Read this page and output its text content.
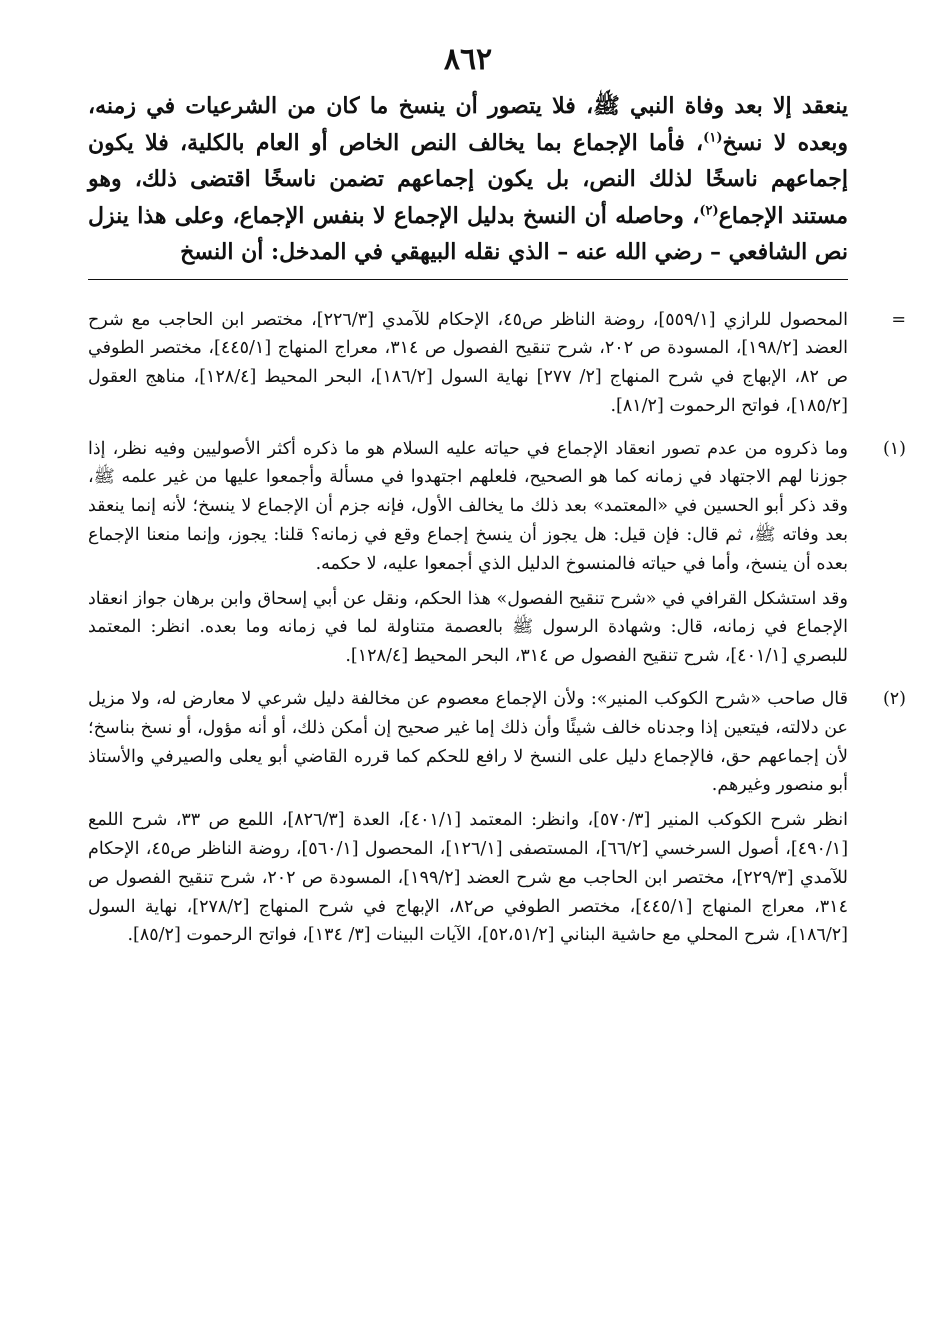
٨٦٢

ينعقد إلا بعد وفاة النبي ﷺ، فلا يتصور أن ينسخ ما كان من الشرعيات في زمنه، وبعده لا نسخ$^{(١)}$، فأما الإجماع بما يخالف النص الخاص أو العام بالكلية، فلا يكون إجماعهم ناسخًا لذلك النص، بل يكون إجماعهم تضمن ناسخًا اقتضى ذلك، وهو مستند الإجماع$^{(٢)}$، وحاصله أن النسخ بدليل الإجماع لا بنفس الإجماع، وعلى هذا ينزل نص الشافعي – رضي الله عنه – الذي نقله البيهقي في المدخل: أن النسخ

=

المحصول للرازي [٥٥٩/١]، روضة الناظر ص٤٥، الإحكام للآمدي [٢٢٦/٣]، مختصر ابن الحاجب مع شرح العضد [١٩٨/٢]، المسودة ص ٢٠٢، شرح تنقيح الفصول ص ٣١٤، معراج المنهاج [٤٤٥/١]، مختصر الطوفي ص ٨٢، الإبهاج في شرح المنهاج [٢/ ٢٧٧] نهاية السول [١٨٦/٢]، البحر المحيط [١٢٨/٤]، مناهج العقول [١٨٥/٢]، فواتح الرحموت [٨١/٢].

(١)

وما ذكروه من عدم تصور انعقاد الإجماع في حياته عليه السلام هو ما ذكره أكثر الأصوليين وفيه نظر، إذا جوزنا لهم الاجتهاد في زمانه كما هو الصحيح، فلعلهم اجتهدوا في مسألة وأجمعوا عليها من غير علمه ﷺ، وقد ذكر أبو الحسين في «المعتمد» بعد ذلك ما يخالف الأول، فإنه جزم أن الإجماع لا ينسخ؛ لأنه إنما ينعقد بعد وفاته ﷺ، ثم قال: فإن قيل: هل يجوز أن ينسخ إجماع وقع في زمانه؟ قلنا: يجوز، وإنما منعنا الإجماع بعده أن ينسخ، وأما في حياته فالمنسوخ الدليل الذي أجمعوا عليه، لا حكمه.

وقد استشكل القرافي في «شرح تنقيح الفصول» هذا الحكم، ونقل عن أبي إسحاق وابن برهان جواز انعقاد الإجماع في زمانه، قال: وشهادة الرسول ﷺ بالعصمة متناولة لما في زمانه وما بعده. انظر: المعتمد للبصري [٤٠١/١]، شرح تنقيح الفصول ص ٣١٤، البحر المحيط [١٢٨/٤].

(٢)

قال صاحب «شرح الكوكب المنير»: ولأن الإجماع معصوم عن مخالفة دليل شرعي لا معارض له، ولا مزيل عن دلالته، فيتعين إذا وجدناه خالف شيئًا وأن ذلك إما غير صحيح إن أمكن ذلك، أو أنه مؤول، أو نسخ بناسخ؛ لأن إجماعهم حق، فالإجماع دليل على النسخ لا رافع للحكم كما قرره القاضي أبو يعلى والصيرفي والأستاذ أبو منصور وغيرهم.

انظر شرح الكوكب المنير [٥٧٠/٣]، وانظر: المعتمد [٤٠١/١]، العدة [٨٢٦/٣]، اللمع ص ٣٣، شرح اللمع [٤٩٠/١]، أصول السرخسي [٦٦/٢]، المستصفى [١٢٦/١]، المحصول [٥٦٠/١]، روضة الناظر ص٤٥، الإحكام للآمدي [٢٢٩/٣]، مختصر ابن الحاجب مع شرح العضد [١٩٩/٢]، المسودة ص ٢٠٢، شرح تنقيح الفصول ص ٣١٤، معراج المنهاج [٤٤٥/١]، مختصر الطوفي ص٨٢، الإبهاج في شرح المنهاج [٢٧٨/٢]، نهاية السول [١٨٦/٢]، شرح المحلي مع حاشية البناني [٥٢،٥١/٢]، الآيات البينات [٣/ ١٣٤]، فواتح الرحموت [٨٥/٢].
